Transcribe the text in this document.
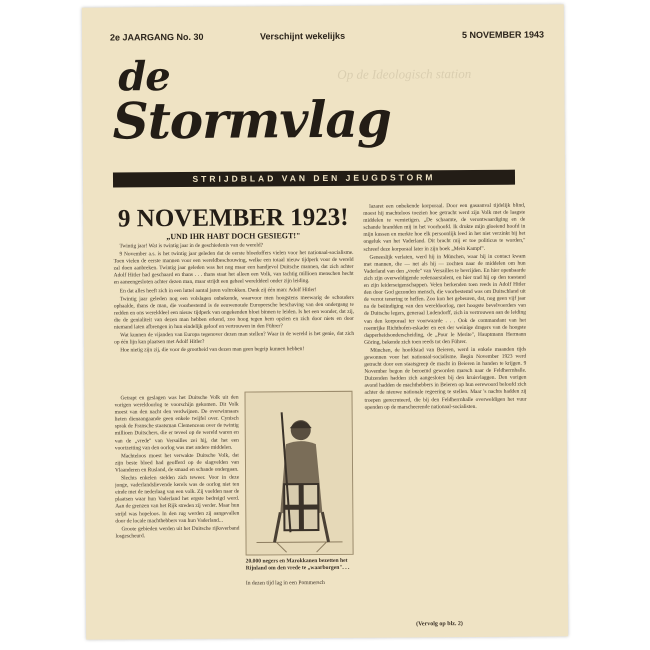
2e JAARGANG No. 30	Verschijnt wekelijks	5 NOVEMBER 1943
Op de Ideologisch station
de
Stormvlag
STRIJDBLAD VAN DEN JEUGDSTORM
9 NOVEMBER 1923!
„UND IHR HABT DOCH GESIEGT!"

Twintig jaar! Wat is twintig jaar in de geschiedenis van de wereld?

9 November a.s. is het twintig jaar geleden dat de eerste bloedoffers vielen voor het nationaal-socialisme. Toen vielen de eerste mannen voor een wereldbeschouwing, welke een totaal nieuw tijdperk voor de wereld zal doen aanbreken. Twintig jaar geleden was het nog maar een handjevol Duitsche mannen, dat zich achter Adolf Hitler had geschaard en thans . . . thans staat het alleen een Volk, van tachtig millioen menschen hecht en aaneengesloten achter dezen man, maar strijdt een geheel werelddeel onder zijn leiding.

En dat alles heeft zich in een luttel aantal jaren voltrokken. Dank zij één man: Adolf Hitler!

Twintig jaar geleden nog een volslagen onbekende, waarvoor men hoogstens meewarig de schouders ophaalde, thans de man, die voorbestemd is de eeuwenoude Europeesche beschaving van den ondergang te redden en ons werelddeel een nieuw tijdperk van ongekenden bloei binnen te leiden. Is het een wonder, dat zij, die de genialiteit van dezen man hebben erkend, zoo hoog tegen hem opzien en zich door niets en door niemand laten afbrengen in hun eindelijk geloof en vertrouwen in den Führer?

Wat kunnen de vijanden van Europa tegenover dezen man stellen? Waar in de wereld is het genie, dat zich op één lijn kan plaatsen met Adolf Hitler?

Hoe nietig zijn zij, die voor de grootheid van dezen man geen begrip kunnen hebben!

Getrapt en geslagen was het Duitsche Volk uit den vorigen wereldoorlog te voorschijn gekomen. Dit Volk moest van den nacht den verdwijnen. De overwinnaars lieten dienaangaande geen enkele twijfel over. Cynisch sprak de Fransche staatsman Clemenceau over de twintig millioen Duitschers, die er teveel op de wereld waren en van de „vrede" van Versailles zei hij, dat het een voortzetting van den oorlog was met andere middelen.

Machteloos moest het verwakte Duitsche Volk, dat zijn beste bloed had geofferd op de slagvelden van Vlaanderen en Rusland, de smaad en schande ondergaan.

Slechts enkelen stelden zich teweer. Voor in deze jonge, vaderlandslievende kerels was de oorlog niet ten einde met de nederlaag van een volk. Zij voelden naar de plaatsen waar hun Vaderland het ergste bedreigd werd. Aan de grenzen van het Rijk streden zij verder. Maar hun strijd was hopeloos. In den rug werden zij aangevallen door de locale machthebbers van hun Vaderland...

Groote gebieden werden uit het Duitsche rijksverband losgescheurd.

20.000 negers en Marokkanen bezetten het Rijnland om den vrede te „waarborgen". . .
In dezen tijd lag in een Pommersch

lazaret een onbekende korporaal. Door een gasaanval tijdelijk blind, moest hij machteloos toezien hoe getracht werd zijn Volk met de laagste middelen te vernietigen. „De schaamte, de verontwaardiging en de schande brandden mij in het voorhoofd. Ik drukte mijn gloeiend hoofd in mijn kussen en merkte hoe elk persoonlijk leed in het niet verzinkt bij het ongeluk van het Vaderland. Dit bracht mij er toe politicus te worden," schreef deze korporaal later in zijn boek „Mein Kampf".

Geneeslijk verlaten, werd hij in München, waar hij in contact kwam met mannen, die — net als hij — zochten naar de middelen om hun Vaderland van den „vrede" van Versailles te bevrijden. En hier openbaarde zich zijn overweldigende redenaarstalent, en hier trad hij op den toestand en zijn leiderseigenschappen. Velen herkenden toen reeds in Adolf Hitler den door God gezonden mensch, die voorbestemd was om Duitschland uit de verrot tenering te heffen. Zoo kon het gebeuren, dat, nog geen vijf jaar na de beëindiging van den wereldoorlog, met hoogste bevelvoerders van de Duitsche legers, generaal Ludendorff, zich in vertrouwen aan de leiding van den korporaal ter voorwaarde . . . Ook de commandant van het roemrijke Richthofen-eskader en een der weinige dragers van de hoogste dapperheidsonderscheiding, de „Pour le Merite", Hauptmann Hermann Göring, bekende zich toen reeds tot den Führer.

München, de hoofdstad van Beieren, werd in enkele maanden tijds gewonnen voor het nationaal-socialisme. Begin November 1923 werd getracht door een staatsgreep de macht in Beieren in handen te krijgen. 9 November begon de beroemd geworden marsch naar de Feldherrnhalle. Duizenden hadden zich aangesloten bij den kruisvlaggen. Den vorigen avond hadden de machthebbers in Beieren op hun eerewoord beloofd zich achter de nieuwe nationale regeering te stellen. Maar 's nachts hadden zij troepen gerecruteerd, die bij den Feldherrnhalle overweldigen het vuur openden op de marscheerende nationaal-socialisten.

(Vervolg op blz. 2)
